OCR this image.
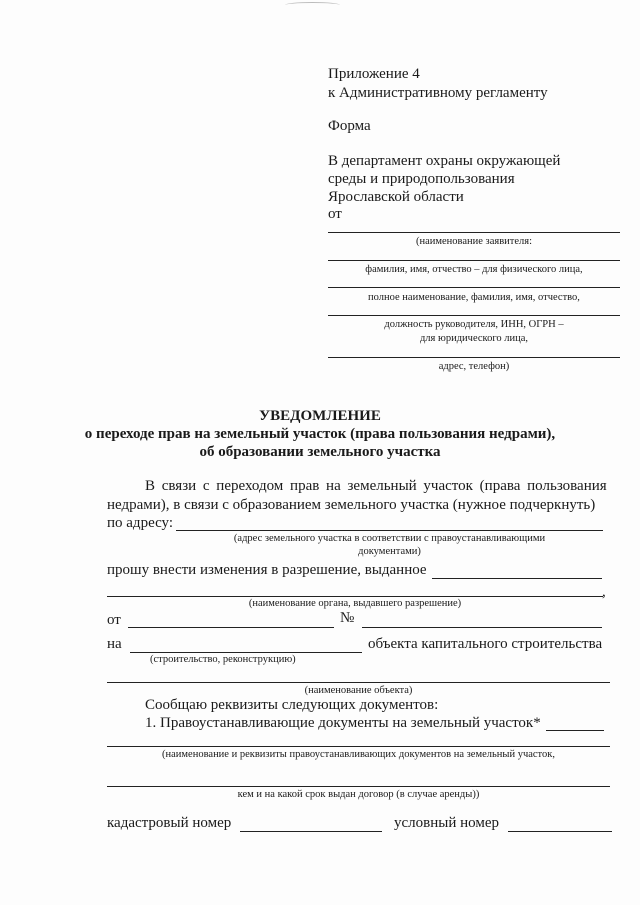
Приложение 4
к Административному регламенту
Форма
В департамент охраны окружающей
среды и природопользования
Ярославской области
от
(наименование заявителя:
фамилия, имя, отчество – для физического лица,
полное наименование, фамилия, имя, отчество,
должность руководителя, ИНН, ОГРН –
для юридического лица,
адрес, телефон)
УВЕДОМЛЕНИЕ
о переходе прав на земельный участок (права пользования недрами),
об образовании земельного участка
В связи с переходом прав на земельный участок (права пользования
недрами), в связи с образованием земельного участка (нужное подчеркнуть)
по адресу:
(адрес земельного участка в соответствии с правоустанавливающими
документами)
прошу внести изменения в разрешение, выданное
,
(наименование органа, выдавшего разрешение)
от	№
на	объекта капитального строительства
(строительство, реконструкцию)
(наименование объекта)
Сообщаю реквизиты следующих документов:
1. Правоустанавливающие документы на земельный участок*
(наименование и реквизиты правоустанавливающих документов на земельный участок,
кем и на какой срок выдан договор (в случае аренды))
кадастровый номер	условный номер
